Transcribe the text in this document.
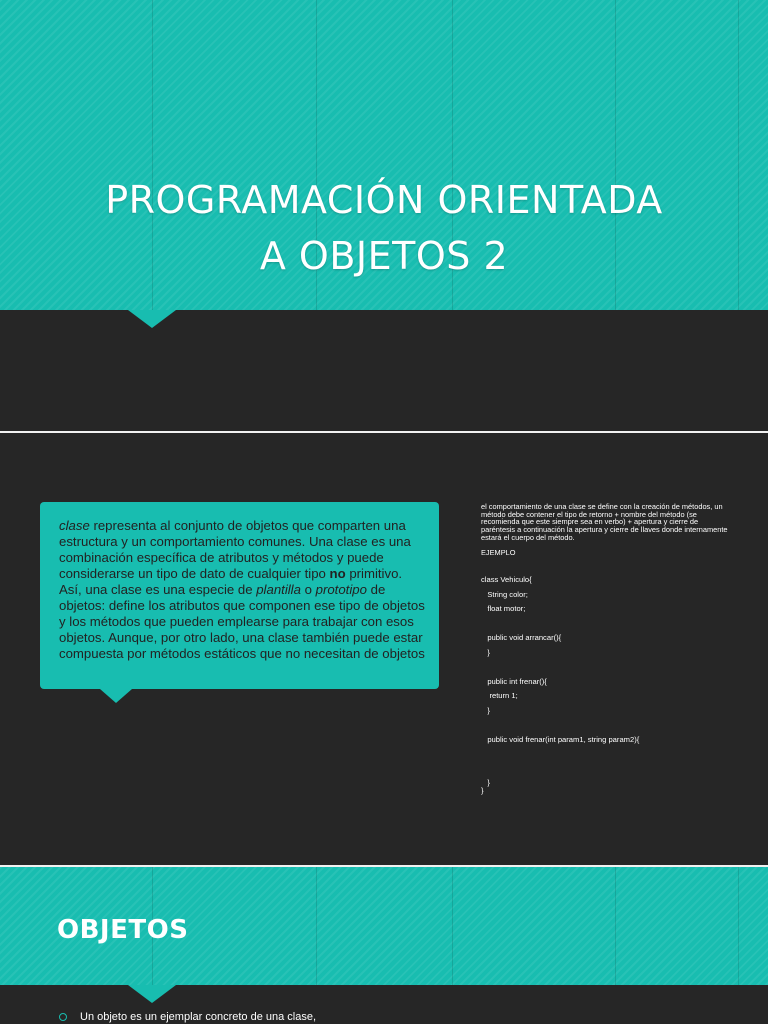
PROGRAMACIÓN ORIENTADA
A OBJETOS 2
clase representa al conjunto de objetos que comparten una estructura y un comportamiento comunes. Una clase es una combinación específica de atributos y métodos y puede considerarse un tipo de dato de cualquier tipo no primitivo. Así, una clase es una especie de plantilla o prototipo de objetos: define los atributos que componen ese tipo de objetos y los métodos que pueden emplearse para trabajar con esos objetos. Aunque, por otro lado, una clase también puede estar compuesta por métodos estáticos que no necesitan de objetos
el comportamiento de una clase se define con la creación de métodos, un método debe contener el tipo de retorno + nombre del método (se recomienda que este siempre sea en verbo) + apertura y cierre de paréntesis a continuación la apertura y cierre de llaves donde internamente estará el cuerpo del método.
EJEMPLO
class Vehiculo{
String color;
float motor;
public void arrancar(){
}
public int frenar(){
return 1;
}
public void frenar(int param1, string param2){
}
}
OBJETOS
Un objeto es un ejemplar concreto de una clase,
